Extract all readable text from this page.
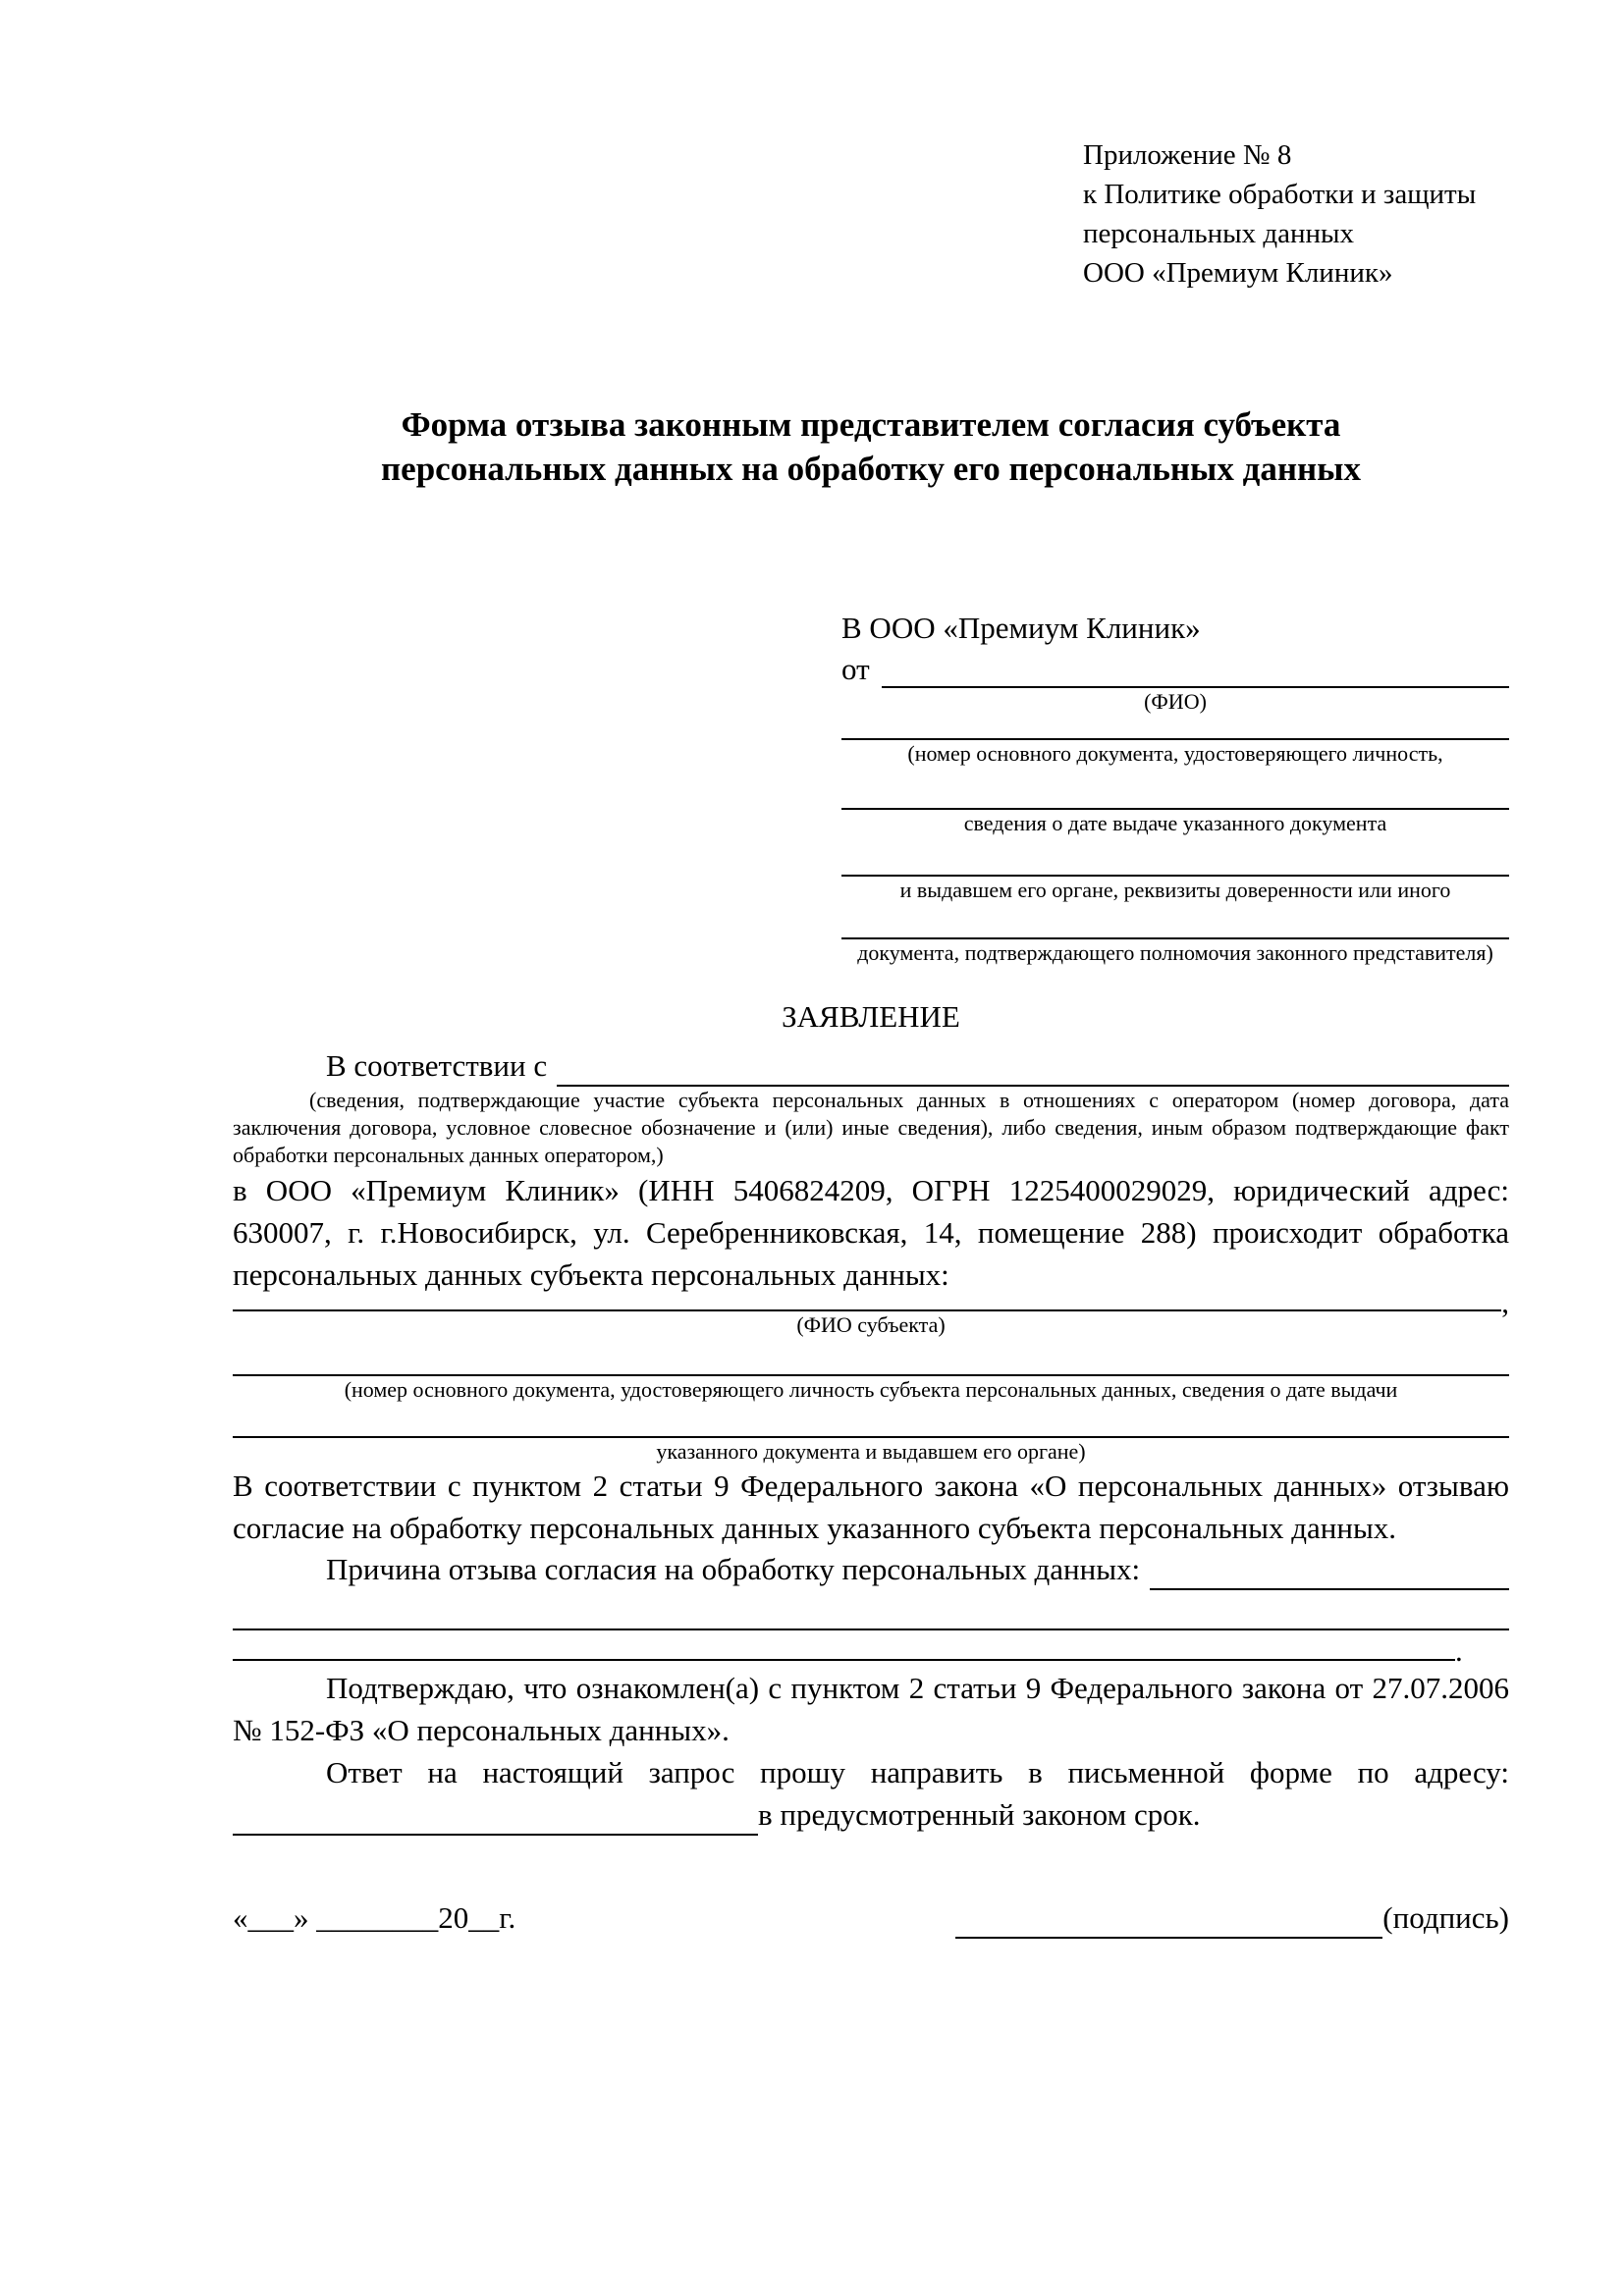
Приложение № 8
к Политике обработки и защиты
персональных данных
ООО «Премиум Клиник»
Форма отзыва законным представителем согласия субъекта персональных данных на обработку его персональных данных
В ООО «Премиум Клиник»
от
(ФИО)
(номер основного документа, удостоверяющего личность,
сведения о дате выдаче указанного документа
и выдавшем его органе, реквизиты доверенности или иного
документа, подтверждающего полномочия законного представителя)
ЗАЯВЛЕНИЕ
В соответствии с
(сведения, подтверждающие участие субъекта персональных данных в отношениях с оператором (номер договора, дата заключения договора, условное словесное обозначение и (или) иные сведения), либо сведения, иным образом подтверждающие факт обработки персональных данных оператором,)

в ООО «Премиум Клиник» (ИНН 5406824209, ОГРН 1225400029029, юридический адрес: 630007, г. г.Новосибирск, ул. Серебренниковская, 14, помещение 288) происходит обработка персональных данных субъекта персональных данных:

,
(ФИО субъекта)
(номер основного документа, удостоверяющего личность субъекта персональных данных, сведения о дате выдачи
указанного документа и выдавшем его органе)

В соответствии с пунктом 2 статьи 9 Федерального закона «О персональных данных» отзываю согласие на обработку персональных данных указанного субъекта персональных данных.

Причина отзыва согласия на обработку персональных данных:
.

Подтверждаю, что ознакомлен(а) с пунктом 2 статьи 9 Федерального закона от 27.07.2006 № 152-ФЗ «О персональных данных».

Ответ на настоящий запрос прошу направить в письменной форме по адресу:
в предусмотренный законом срок.
«___» ________20__г.	(подпись)
